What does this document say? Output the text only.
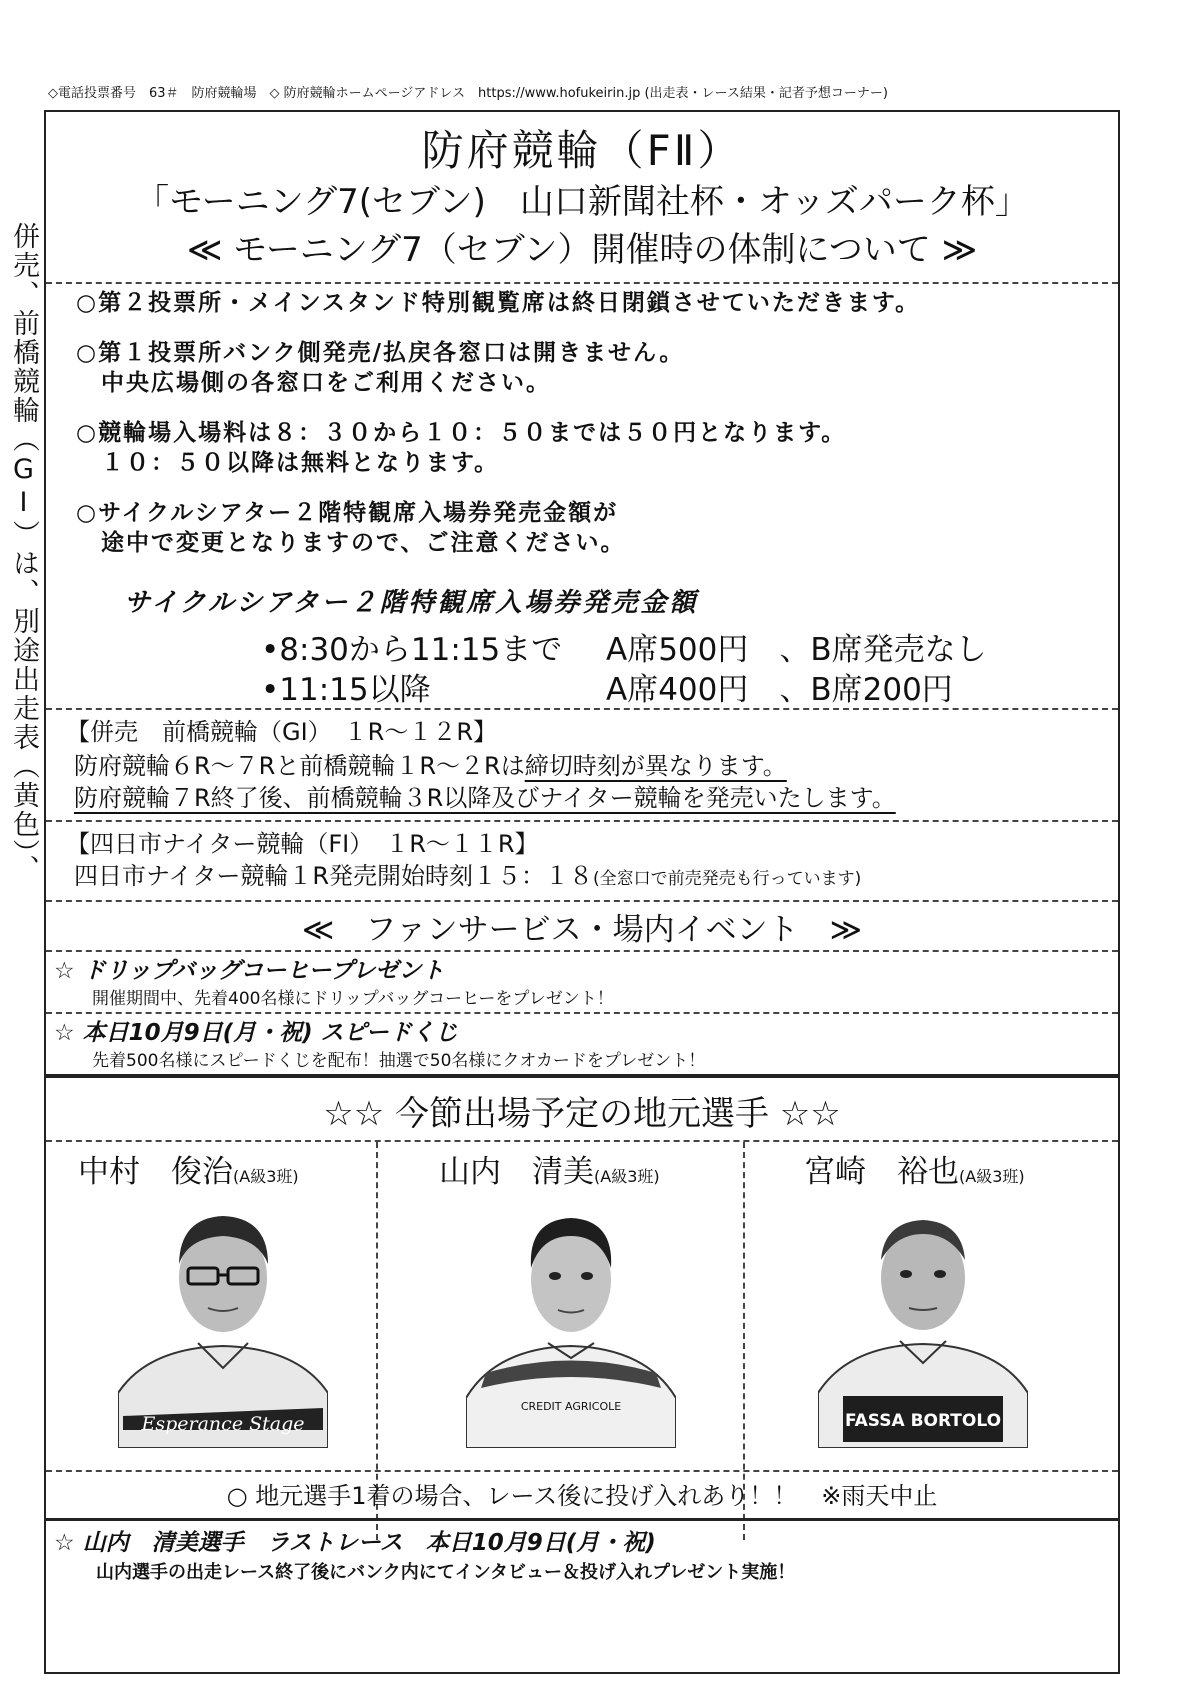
◇電話投票番号　63＃　防府競輪場　◇ 防府競輪ホームページアドレス　https://www.hofukeirin.jp (出走表・レース結果・記者予想コーナー)
併売、前橋競輪（GⅠ）は、別途出走表（黄色）、
防府競輪（FⅡ）
「モーニング7(セブン)　山口新聞社杯・オッズパーク杯」
≪ モーニング7（セブン）開催時の体制について ≫
○第２投票所・メインスタンド特別観覧席は終日閉鎖させていただきます。
○第１投票所バンク側発売/払戻各窓口は開きません。
　中央広場側の各窓口をご利用ください。
○競輪場入場料は８：３０から１０：５０までは５０円となります。
　１０：５０以降は無料となります。
○サイクルシアター２階特観席入場券発売金額が
　途中で変更となりますので、ご注意ください。
サイクルシアター２階特観席入場券発売金額
•8:30から11:15まで A席500円　、B席発売なし
•11:15以降	A席400円　、B席200円
【併売　前橋競輪（GⅠ）　１R～１２R】
防府競輪６R～７Rと前橋競輪１R～２Rは締切時刻が異なります。
防府競輪７R終了後、前橋競輪３R以降及びナイター競輪を発売いたします。
【四日市ナイター競輪（FⅠ）　１R～１１R】
四日市ナイター競輪１R発売開始時刻１５：１８(全窓口で前売発売も行っています)
≪　ファンサービス・場内イベント　≫
☆ ドリップバッグコーヒープレゼント
開催期間中、先着400名様にドリップバッグコーヒーをプレゼント！
☆ 本日10月9日(月・祝) スピードくじ
先着500名様にスピードくじを配布！抽選で50名様にクオカードをプレゼント！
☆☆ 今節出場予定の地元選手 ☆☆
中村　俊治(A級3班)	山内　清美(A級3班)	宮崎　裕也(A級3班)
Esperance Stage
CREDIT AGRICOLE
FASSA BORTOLO
○ 地元選手1着の場合、レース後に投げ入れあり！！　※雨天中止
☆ 山内　清美選手　ラストレース　本日10月9日(月・祝)
山内選手の出走レース終了後にバンク内にてインタビュー＆投げ入れプレゼント実施！
